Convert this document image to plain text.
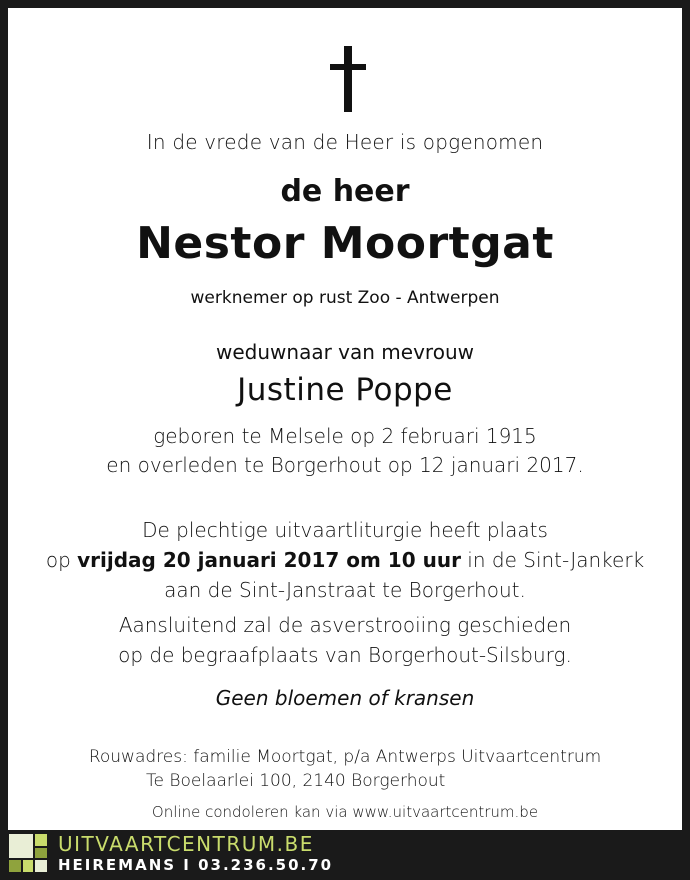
In de vrede van de Heer is opgenomen
de heer
Nestor Moortgat
werknemer op rust Zoo - Antwerpen
weduwnaar van mevrouw
Justine Poppe
geboren te Melsele op 2 februari 1915
en overleden te Borgerhout op 12 januari 2017.
De plechtige uitvaartliturgie heeft plaats
op vrijdag 20 januari 2017 om 10 uur in de Sint-Jankerk
aan de Sint-Janstraat te Borgerhout.
Aansluitend zal de asverstrooiing geschieden
op de begraafplaats van Borgerhout-Silsburg.
Geen bloemen of kransen
Rouwadres: familie Moortgat, p/a Antwerps Uitvaartcentrum
Te Boelaarlei 100, 2140 Borgerhout
Online condoleren kan via www.uitvaartcentrum.be
UITVAARTCENTRUM.BE
HEIREMANS I 03.236.50.70
